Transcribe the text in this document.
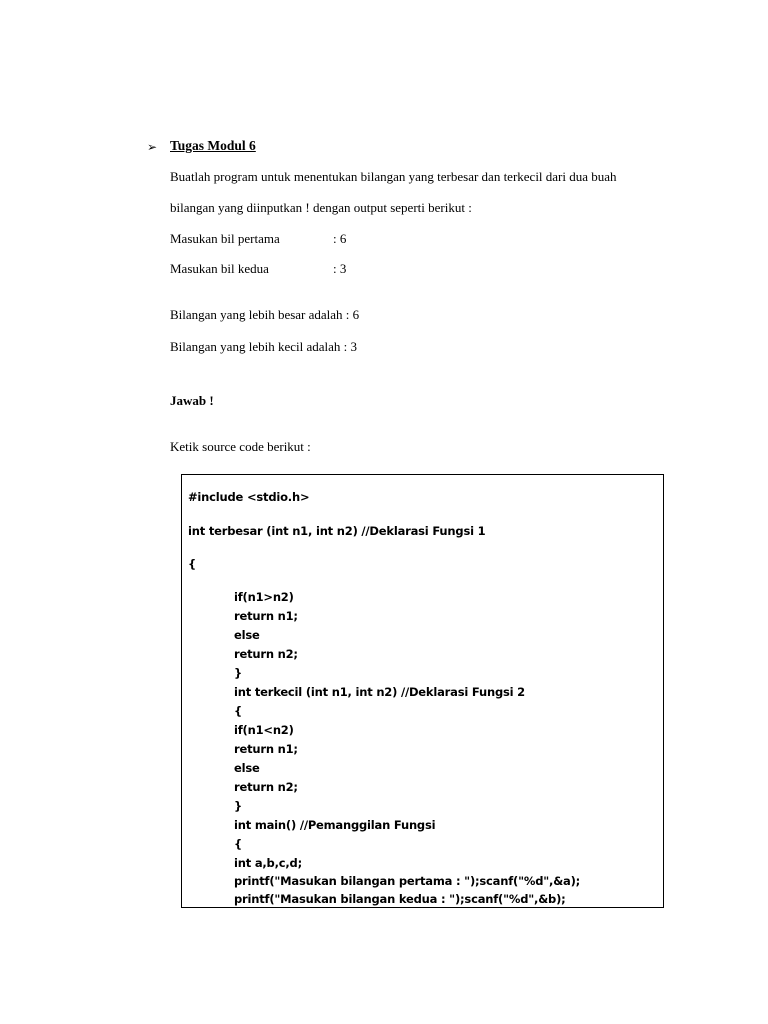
➢ Tugas Modul 6
Buatlah program untuk menentukan bilangan yang terbesar dan terkecil dari dua buah
bilangan yang diinputkan ! dengan output seperti berikut :
Masukan bil pertama	: 6
Masukan bil kedua	: 3
Bilangan yang lebih besar adalah : 6
Bilangan yang lebih kecil adalah : 3
Jawab !
Ketik source code berikut :
#include <stdio.h>
int terbesar (int n1, int n2) //Deklarasi Fungsi 1
{
if(n1>n2)
return n1;
else
return n2;
}
int terkecil (int n1, int n2) //Deklarasi Fungsi 2
{
if(n1<n2)
return n1;
else
return n2;
}
int main() //Pemanggilan Fungsi
{
int a,b,c,d;
printf("Masukan bilangan pertama : ");scanf("%d",&a);
printf("Masukan bilangan kedua : ");scanf("%d",&b);
